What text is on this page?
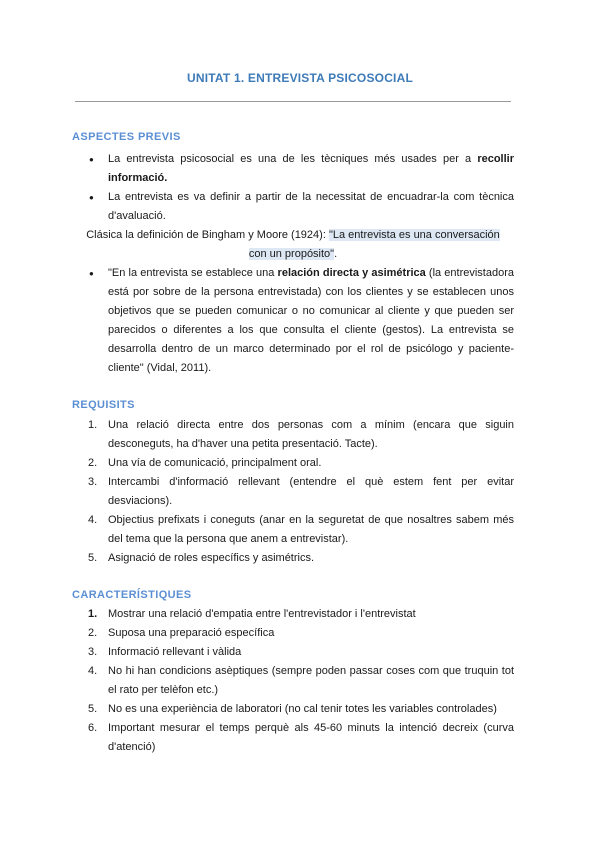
UNITAT 1. ENTREVISTA PSICOSOCIAL
ASPECTES PREVIS
● La entrevista psicosocial es una de les tècniques més usades per a recollir informació.
● La entrevista es va definir a partir de la necessitat de encuadrar-la com tècnica d'avaluació.
Clásica la definición de Bingham y Moore (1924): "La entrevista es una conversación con un propósito".
● "En la entrevista se establece una relación directa y asimétrica (la entrevistadora está por sobre de la persona entrevistada) con los clientes y se establecen unos objetivos que se pueden comunicar o no comunicar al cliente y que pueden ser parecidos o diferentes a los que consulta el cliente (gestos). La entrevista se desarrolla dentro de un marco determinado por el rol de psicólogo y paciente-cliente" (Vidal, 2011).
REQUISITS
1. Una relació directa entre dos personas com a mínim (encara que siguin desconeguts, ha d'haver una petita presentació. Tacte).
2. Una vía de comunicació, principalment oral.
3. Intercambi d'informació rellevant (entendre el què estem fent per evitar desviacions).
4. Objectius prefixats i coneguts (anar en la seguretat de que nosaltres sabem més del tema que la persona que anem a entrevistar).
5. Asignació de roles específics y asimétrics.
CARACTERÍSTIQUES
1. Mostrar una relació d'empatia entre l'entrevistador i l'entrevistat
2. Suposa una preparació específica
3. Informació rellevant i vàlida
4. No hi han condicions asèptiques (sempre poden passar coses com que truquin tot el rato per telèfon etc.)
5. No es una experiència de laboratori (no cal tenir totes les variables controlades)
6. Important mesurar el temps perquè als 45-60 minuts la intenció decreix (curva d'atenció)
